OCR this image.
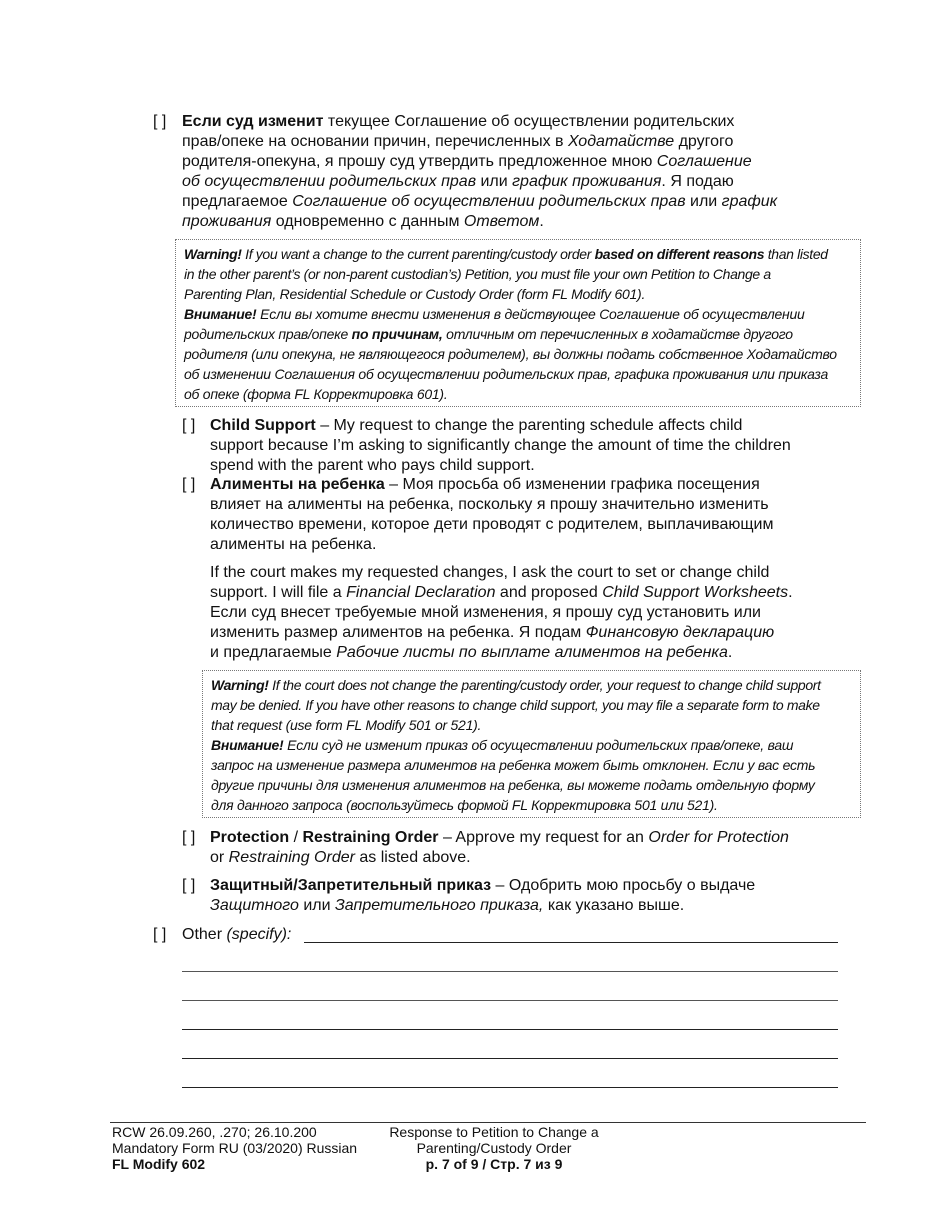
[ ] Если суд изменит текущее Соглашение об осуществлении родительских
прав/опеке на основании причин, перечисленных в Ходатайстве другого
родителя-опекуна, я прошу суд утвердить предложенное мною Соглашение
об осуществлении родительских прав или график проживания. Я подаю
предлагаемое Соглашение об осуществлении родительских прав или график
проживания одновременно с данным Ответом.

Warning! If you want a change to the current parenting/custody order based on different reasons than listed

in the other parent’s (or non-parent custodian’s) Petition, you must file your own Petition to Change a

Parenting Plan, Residential Schedule or Custody Order (form FL Modify 601).

Внимание! Если вы хотите внести изменения в действующее Соглашение об осуществлении

родительских прав/опеке по причинам, отличным от перечисленных в ходатайстве другого

родителя (или опекуна, не являющегося родителем), вы должны подать собственное Ходатайство

об изменении Соглашения об осуществлении родительских прав, графика проживания или приказа

об опеке (форма FL Корректировка 601).

[ ] Child Support – My request to change the parenting schedule affects child
support because I’m asking to significantly change the amount of time the children
spend with the parent who pays child support.
[ ] Алименты на ребенка – Моя просьба об изменении графика посещения
влияет на алименты на ребенка, поскольку я прошу значительно изменить
количество времени, которое дети проводят с родителем, выплачивающим
алименты на ребенка.
If the court makes my requested changes, I ask the court to set or change child
support. I will file a Financial Declaration and proposed Child Support Worksheets.
Если суд внесет требуемые мной изменения, я прошу суд установить или
изменить размер алиментов на ребенка. Я подам Финансовую декларацию
и предлагаемые Рабочие листы по выплате алиментов на ребенка.

Warning! If the court does not change the parenting/custody order, your request to change child support

may be denied. If you have other reasons to change child support, you may file a separate form to make

that request (use form FL Modify 501 or 521).

Внимание! Если суд не изменит приказ об осуществлении родительских прав/опеке, ваш

запрос на изменение размера алиментов на ребенка может быть отклонен. Если у вас есть

другие причины для изменения алиментов на ребенка, вы можете подать отдельную форму

для данного запроса (воспользуйтесь формой FL Корректировка 501 или 521).

[ ] Protection / Restraining Order – Approve my request for an Order for Protection
or Restraining Order as listed above.
[ ] Защитный/Запретительный приказ – Одобрить мою просьбу о выдаче
Защитного или Запретительного приказа, как указано выше.
[ ] Other (specify):
RCW 26.09.260, .270; 26.10.200
Mandatory Form RU (03/2020) Russian
FL Modify 602
Response to Petition to Change a
Parenting/Custody Order
p. 7 of 9 / Стр. 7 из 9
